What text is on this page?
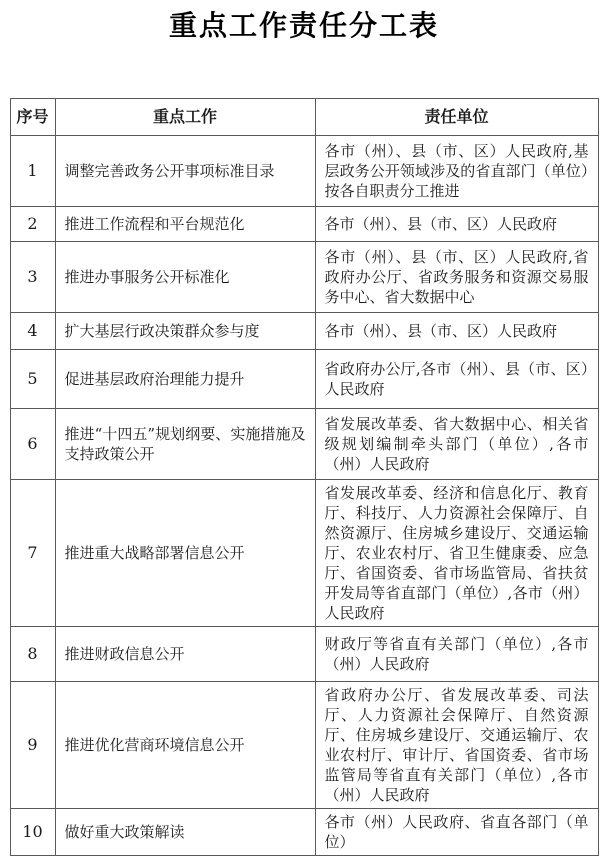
重点工作责任分工表
序号	重点工作	责任单位
1	调整完善政务公开事项标准目录	各市（州）、县（市、区）人民政府,基层政务公开领域涉及的省直部门（单位）按各自职责分工推进
2	推进工作流程和平台规范化	各市（州）、县（市、区）人民政府
3	推进办事服务公开标准化	各市（州）、县（市、区）人民政府,省政府办公厅、省政务服务和资源交易服务中心、省大数据中心
4	扩大基层行政决策群众参与度	各市（州）、县（市、区）人民政府
5	促进基层政府治理能力提升	省政府办公厅,各市（州）、县（市、区）人民政府
6	推进“十四五”规划纲要、实施措施及支持政策公开	省发展改革委、省大数据中心、相关省级规划编制牵头部门（单位）,各市（州）人民政府
7	推进重大战略部署信息公开	省发展改革委、经济和信息化厅、教育厅、科技厅、人力资源社会保障厅、自然资源厅、住房城乡建设厅、交通运输厅、农业农村厅、省卫生健康委、应急厅、省国资委、省市场监管局、省扶贫开发局等省直部门（单位）,各市（州）人民政府
8	推进财政信息公开	财政厅等省直有关部门（单位）,各市（州）人民政府
9	推进优化营商环境信息公开	省政府办公厅、省发展改革委、司法厅、人力资源社会保障厅、自然资源厅、住房城乡建设厅、交通运输厅、农业农村厅、审计厅、省国资委、省市场监管局等省直有关部门（单位）,各市（州）人民政府
10	做好重大政策解读	各市（州）人民政府、省直各部门（单位）
